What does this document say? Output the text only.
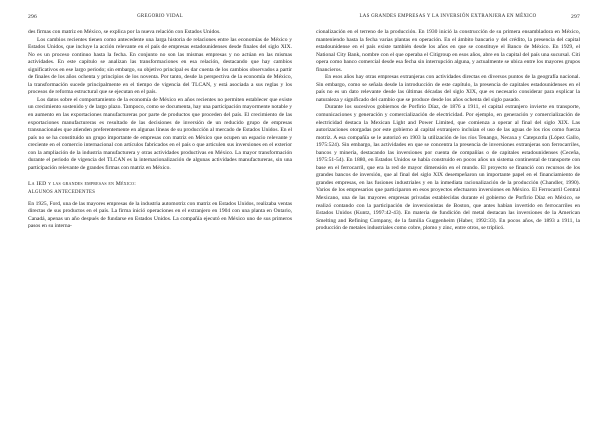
296	GREGORIO VIDAL

des firmas con matriz en México, se explica por la nueva relación con Estados Unidos.

Los cambios recientes tienen como antecedente una larga historia de relaciones entre las economías de México y Estados Unidos, que incluye la acción relevante en el país de empresas estadounidenses desde finales del siglo XIX. No es un proceso continuo hasta la fecha. En conjunto no son las mismas empresas y no actúan en las mismas actividades. En este capítulo se analizan las transformaciones en esa relación, destacando que hay cambios significativos en ese largo periodo; sin embargo, su objetivo principal es dar cuenta de los cambios observados a partir de finales de los años ochenta y principios de los noventa. Por tanto, desde la perspectiva de la economía de México, la transformación sucede principalmente en el tiempo de vigencia del TLCAN, y está asociada a sus reglas y los procesos de reforma estructural que se ejecutan en el país.

Los datos sobre el comportamiento de la economía de México en años recientes no permiten establecer que existe un crecimiento sostenido y de largo plazo. Tampoco, como se documenta, hay una participación mayormente notable y en aumento en las exportaciones manufactureras por parte de productos que proceden del país. El crecimiento de las exportaciones manufactureras es resultado de las decisiones de inversión de un reducido grupo de empresas transnacionales que atienden preferentemente en algunas líneas de su producción al mercado de Estados Unidos. En el país no se ha constituido un grupo importante de empresas con matriz en México que ocupen un espacio relevante y creciente en el comercio internacional con artículos fabricados en el país o que articulen sus inversiones en el exterior con la ampliación de la industria manufacturera y otras actividades productivas en México. La mayor transformación durante el periodo de vigencia del TLCAN es la internacionalización de algunas actividades manufactureras, sin una participación relevante de grandes firmas con matriz en México.

La IED y las grandes empresas en México:
ALGUNOS ANTECEDENTES

En 1925, Ford, una de las mayores empresas de la industria automotriz con matriz en Estados Unidos, realizaba ventas directas de sus productos en el país. La firma inició operaciones en el extranjero en 1904 con una planta en Ontario, Canadá, apenas un año después de fundarse en Estados Unidos. La compañía ejecutó en México uno de sus primeros pasos en su interna-

LAS GRANDES EMPRESAS Y LA INVERSIÓN EXTRANJERA EN MÉXICO	297

cionalización en el terreno de la producción. En 1930 inició la construcción de su primera ensambladora en México, manteniendo hasta la fecha varias plantas en operación. En el ámbito bancario y del crédito, la presencia del capital estadounidense en el país existe también desde los años en que se constituye el Banco de México. En 1929, el National City Bank, nombre con el que operaba el Citigroup en esos años, abre en la capital del país una sucursal. Citi opera como banco comercial desde esa fecha sin interrupción alguna, y actualmente se ubica entre los mayores grupos financieros.

En esos años hay otras empresas extranjeras con actividades directas en diversos puntos de la geografía nacional. Sin embargo, como se señala desde la introducción de este capítulo, la presencia de capitales estadounidenses en el país no es un dato relevante desde las últimas décadas del siglo XIX, que es necesario considerar para explicar la naturaleza y significado del cambio que se produce desde los años ochenta del siglo pasado.

Durante los sucesivos gobiernos de Porfirio Díaz, de 1876 a 1911, el capital extranjero invierte en transporte, comunicaciones y generación y comercialización de electricidad. Por ejemplo, en generación y comercialización de electricidad destaca la Mexican Light and Power Limited, que comienza a operar al final del siglo XIX. Las autorizaciones otorgadas por este gobierno al capital extranjero incluían el uso de las aguas de los ríos como fuerza motriz. A esa compañía se le autorizó en 1903 la utilización de los ríos Tenango, Necaxa y Catepuxtla (López Gallo, 1975:524). Sin embargo, las actividades en que se concentra la presencia de inversiones extranjeras son ferrocarriles, bancos y minería, destacando las inversiones por cuenta de compañías o de capitales estadounidenses (Ceceña, 1975:51-54). En 1880, en Estados Unidos se había construido en pocos años un sistema continental de transporte con base en el ferrocarril, que era la red de mayor dimensión en el mundo. El proyecto se financió con recursos de los grandes bancos de inversión, que al final del siglo XIX desempeñaron un importante papel en el financiamiento de grandes empresas, en las fusiones industriales y en la inmediata racionalización de la producción (Chandler, 1990). Varios de los empresarios que participaron en esos proyectos efectuaron inversiones en México. El Ferrocarril Central Mexicano, una de las mayores empresas privadas establecidas durante el gobierno de Porfirio Díaz en México, se realizó contando con la participación de inversionistas de Boston, que antes habían invertido en ferrocarriles en Estados Unidos (Kuntz, 1997:42-43). En materia de fundición del metal destacan las inversiones de la American Smelting and Refining Company, de la familia Guggenheim (Haber, 1992:33). En pocos años, de 1893 a 1911, la producción de metales industriales como cobre, plomo y zinc, entre otros, se triplicó.
